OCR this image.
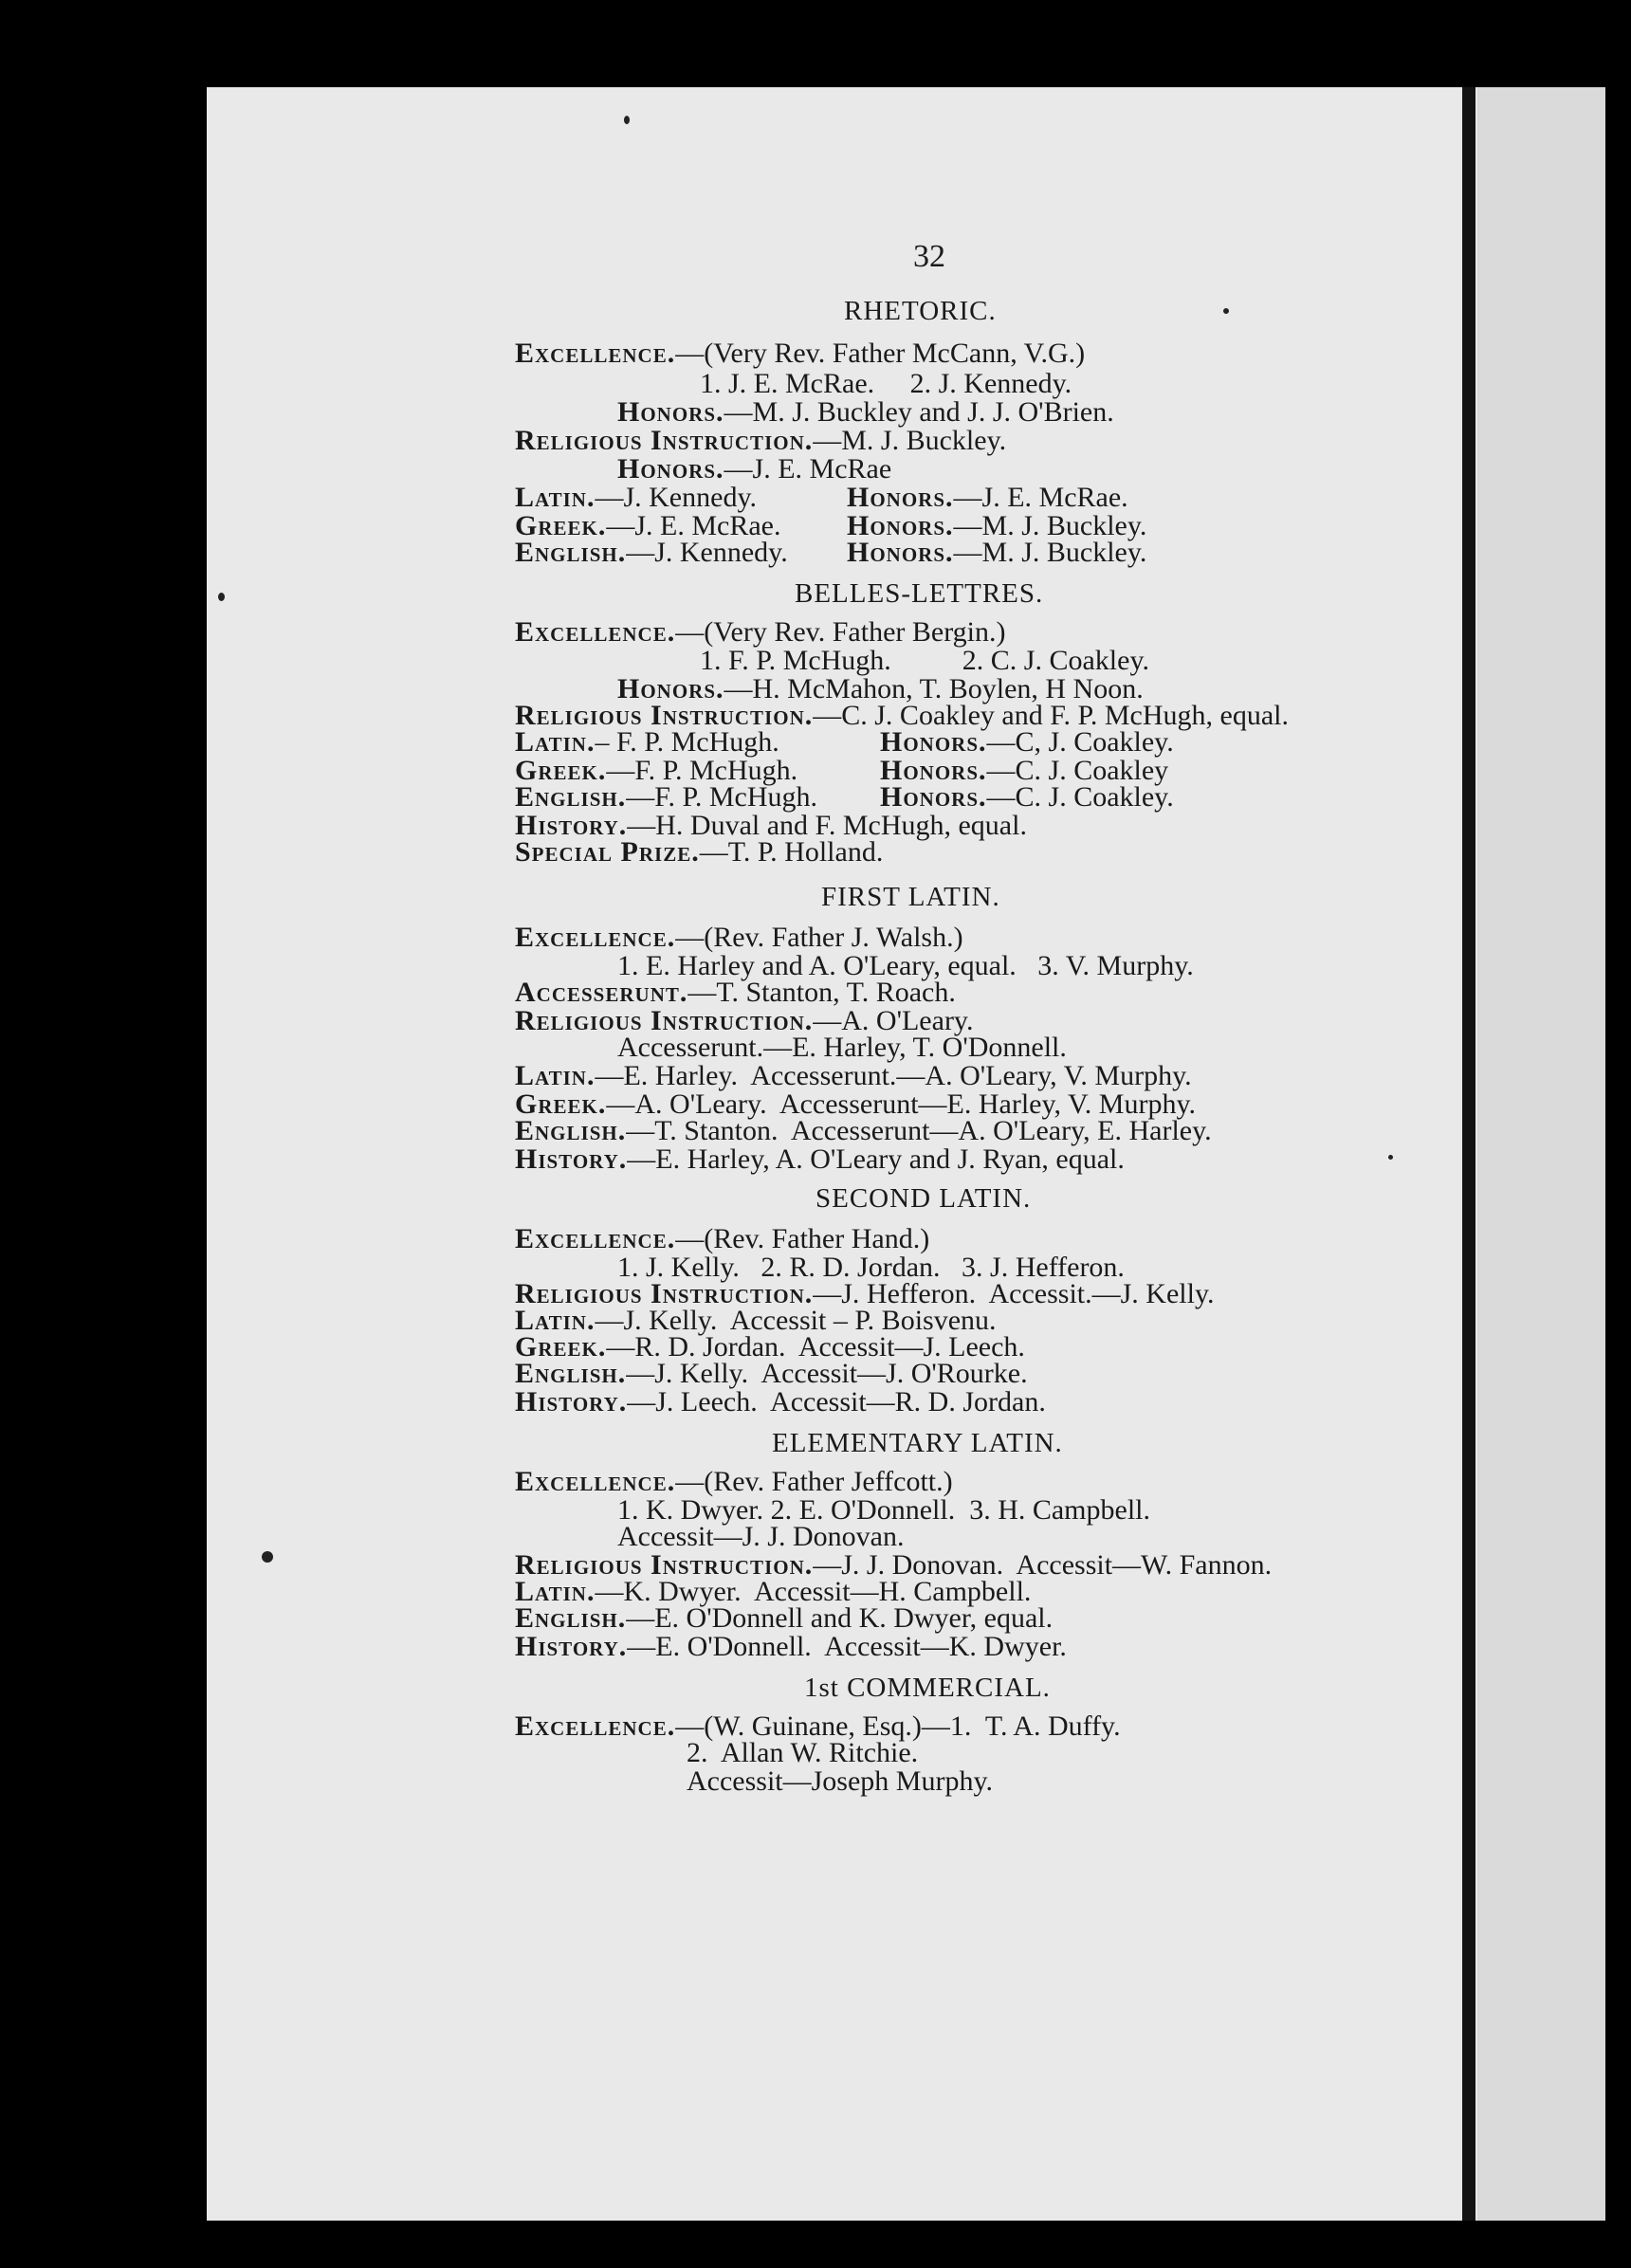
32
RHETORIC.
Excellence.—(Very Rev. Father McCann, V.G.)
1. J. E. McRae.     2. J. Kennedy.
Honors.—M. J. Buckley and J. J. O'Brien.
Religious Instruction.—M. J. Buckley.
Honors.—J. E. McRae
Latin.—J. Kennedy.	Honors.—J. E. McRae.
Greek.—J. E. McRae. Honors.—M. J. Buckley.
English.—J. Kennedy. Honors.—M. J. Buckley.
BELLES-LETTRES.
Excellence.—(Very Rev. Father Bergin.)
1. F. P. McHugh.          2. C. J. Coakley.
Honors.—H. McMahon, T. Boylen, H Noon.
Religious Instruction.—C. J. Coakley and F. P. McHugh, equal.
Latin.– F. P. McHugh.	Honors.—C, J. Coakley.
Greek.—F. P. McHugh.	Honors.—C. J. Coakley
English.—F. P. McHugh. Honors.—C. J. Coakley.
History.—H. Duval and F. McHugh, equal.
Special Prize.—T. P. Holland.
FIRST LATIN.
Excellence.—(Rev. Father J. Walsh.)
1. E. Harley and A. O'Leary, equal.   3. V. Murphy.
Accesserunt.—T. Stanton, T. Roach.
Religious Instruction.—A. O'Leary.
Accesserunt.—E. Harley, T. O'Donnell.
Latin.—E. Harley.  Accesserunt.—A. O'Leary, V. Murphy.
Greek.—A. O'Leary.  Accesserunt—E. Harley, V. Murphy.
English.—T. Stanton.  Accesserunt—A. O'Leary, E. Harley.
History.—E. Harley, A. O'Leary and J. Ryan, equal.
SECOND LATIN.
Excellence.—(Rev. Father Hand.)
1. J. Kelly.   2. R. D. Jordan.   3. J. Hefferon.
Religious Instruction.—J. Hefferon.  Accessit.—J. Kelly.
Latin.—J. Kelly.  Accessit – P. Boisvenu.
Greek.—R. D. Jordan.  Accessit—J. Leech.
English.—J. Kelly.  Accessit—J. O'Rourke.
History.—J. Leech.  Accessit—R. D. Jordan.
ELEMENTARY LATIN.
Excellence.—(Rev. Father Jeffcott.)
1. K. Dwyer. 2. E. O'Donnell.  3. H. Campbell.
Accessit—J. J. Donovan.
Religious Instruction.—J. J. Donovan.  Accessit—W. Fannon.
Latin.—K. Dwyer.  Accessit—H. Campbell.
English.—E. O'Donnell and K. Dwyer, equal.
History.—E. O'Donnell.  Accessit—K. Dwyer.
1st COMMERCIAL.
Excellence.—(W. Guinane, Esq.)—1.  T. A. Duffy.
2.  Allan W. Ritchie.
Accessit—Joseph Murphy.
